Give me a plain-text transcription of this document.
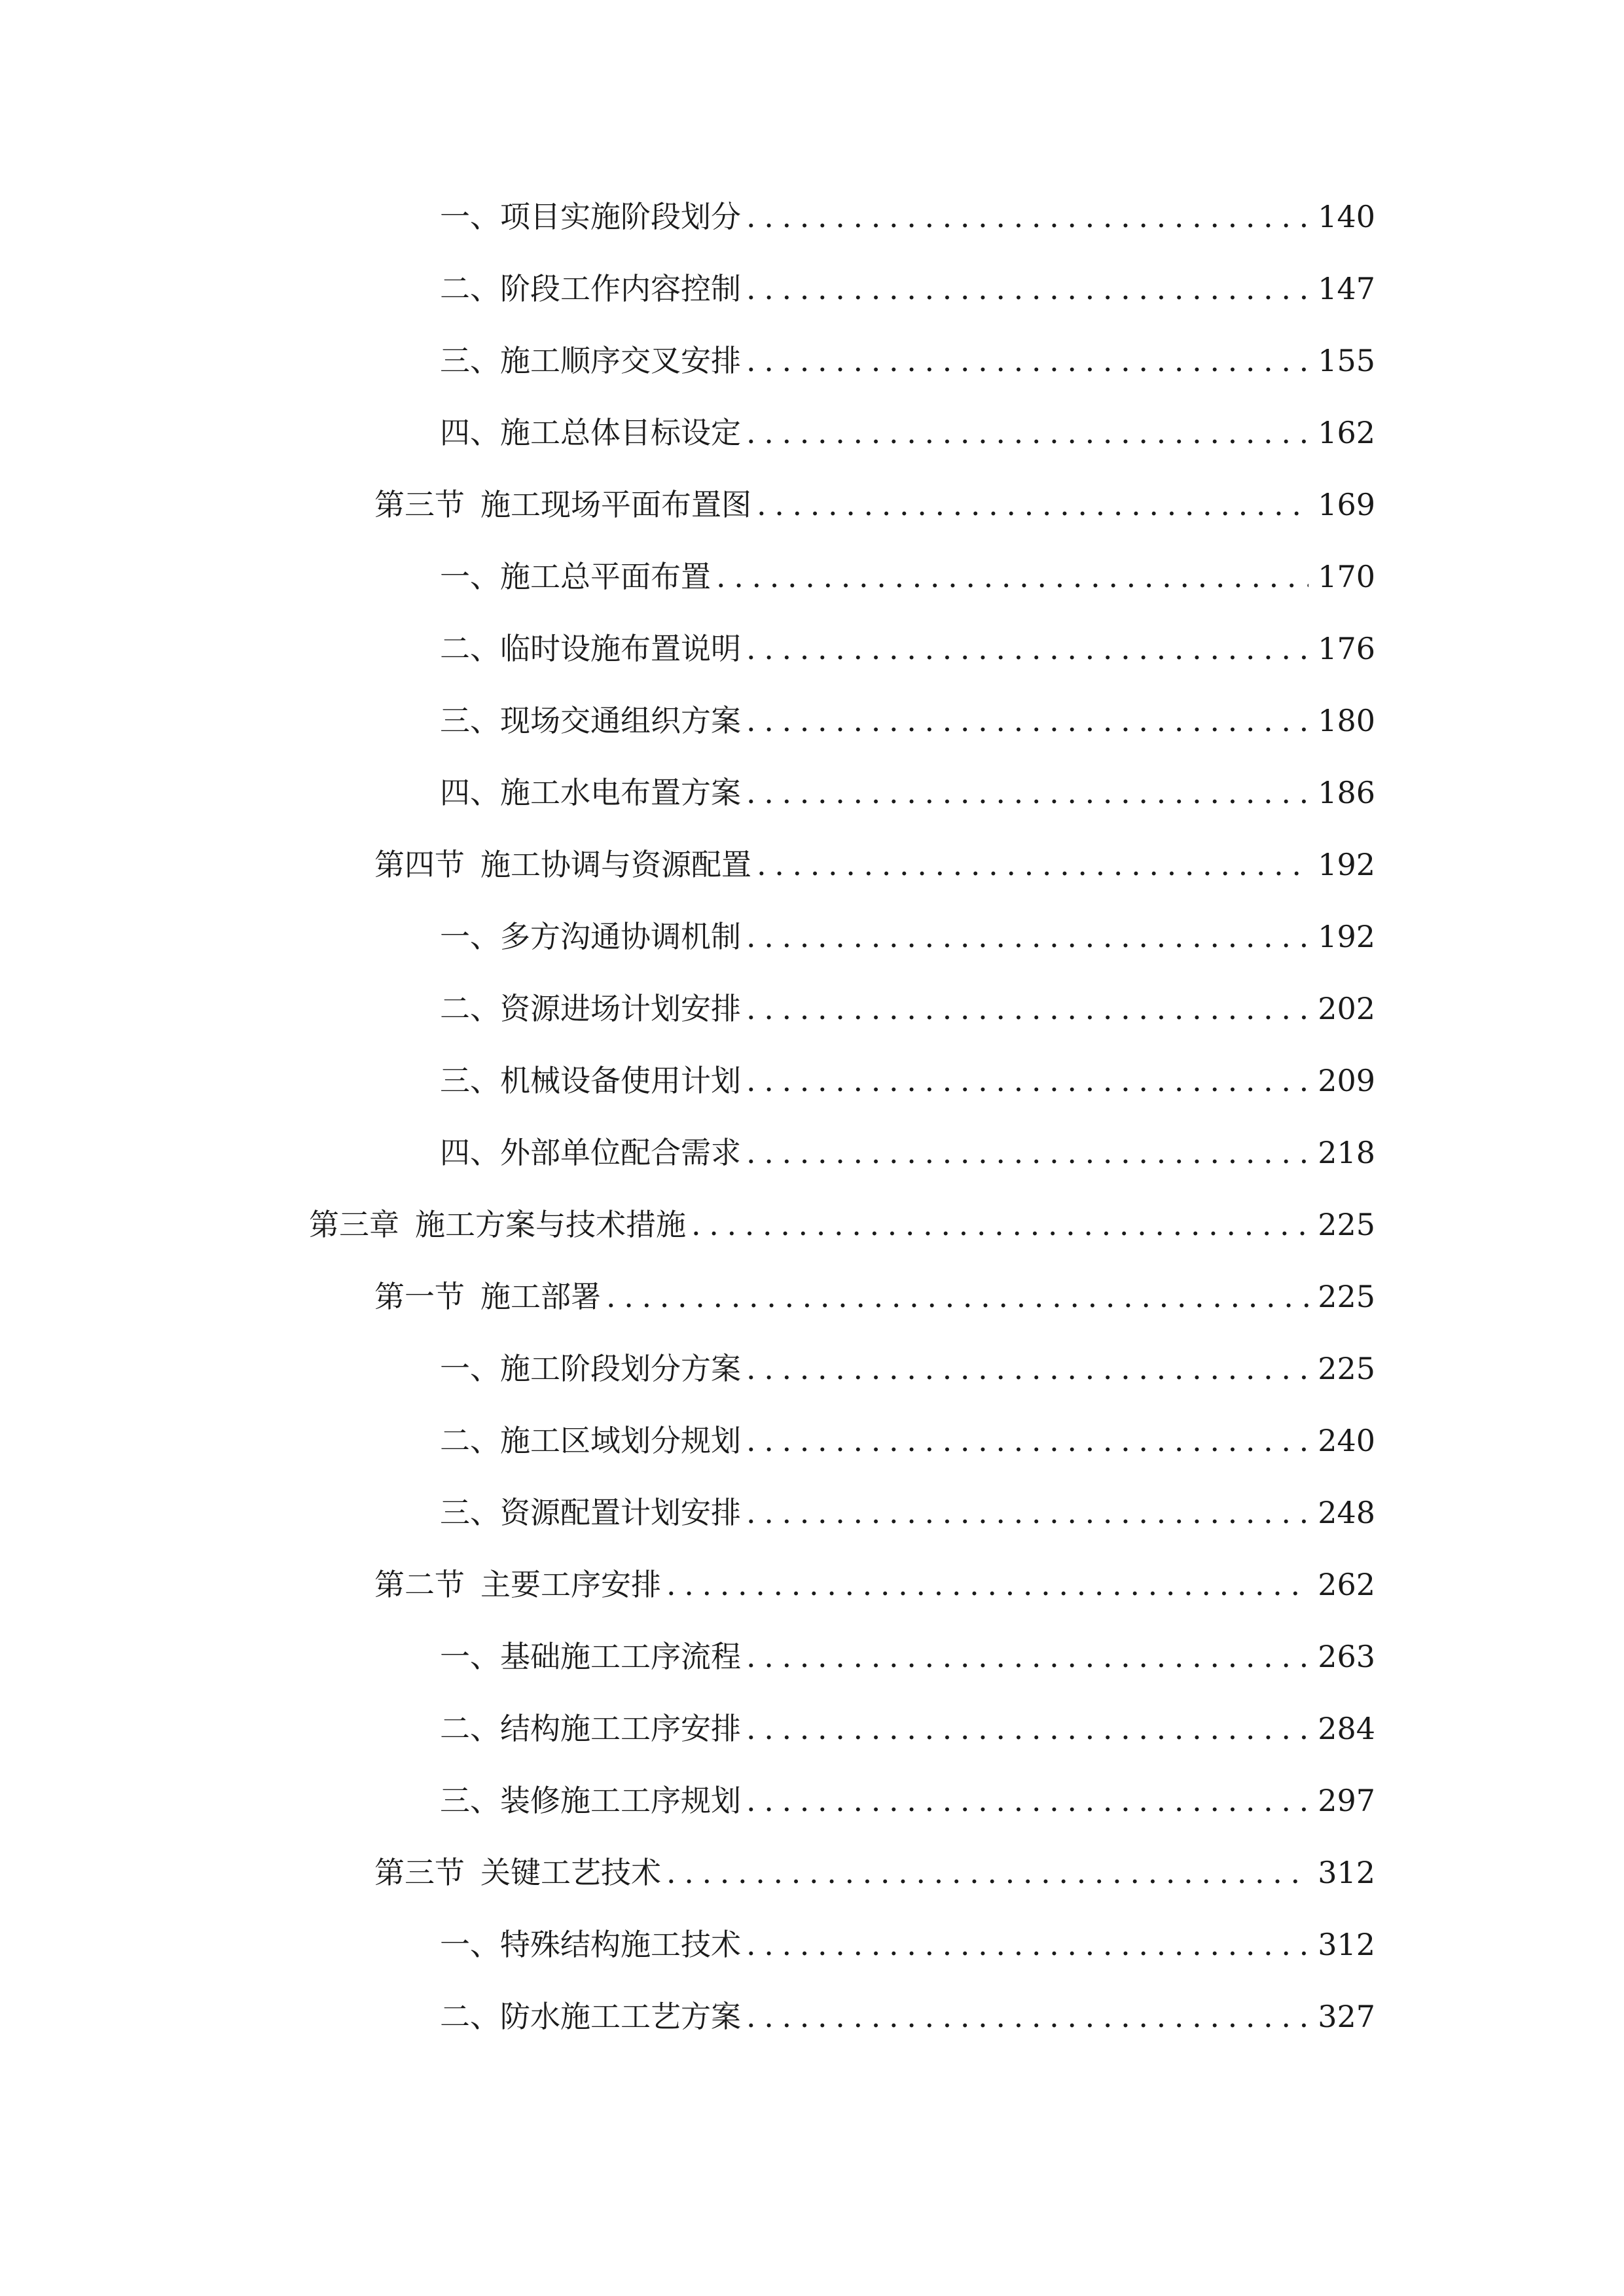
一、 项目实施阶段划分 . . .	140
二、 阶段工作内容控制 . . .	147
三、 施工顺序交叉安排 . . .	155
四、 施工总体目标设定 . . .	162
第三节 施工现场平面布置图 . . .	169
一、 施工总平面布置 . . .	170
二、 临时设施布置说明 . . .	176
三、 现场交通组织方案 . . .	180
四、 施工水电布置方案 . . .	186
第四节 施工协调与资源配置 . . .	192
一、 多方沟通协调机制 . . .	192
二、 资源进场计划安排 . . .	202
三、 机械设备使用计划 . . .	209
四、 外部单位配合需求 . . .	218
第三章 施工方案与技术措施 . . .	225
第一节 施工部署 . . .	225
一、 施工阶段划分方案 . . .	225
二、 施工区域划分规划 . . .	240
三、 资源配置计划安排 . . .	248
第二节 主要工序安排 . . .	262
一、 基础施工工序流程 . . .	263
二、 结构施工工序安排 . . .	284
三、 装修施工工序规划 . . .	297
第三节 关键工艺技术 . . .	312
一、 特殊结构施工技术 . . .	312
二、 防水施工工艺方案 . . .	327
